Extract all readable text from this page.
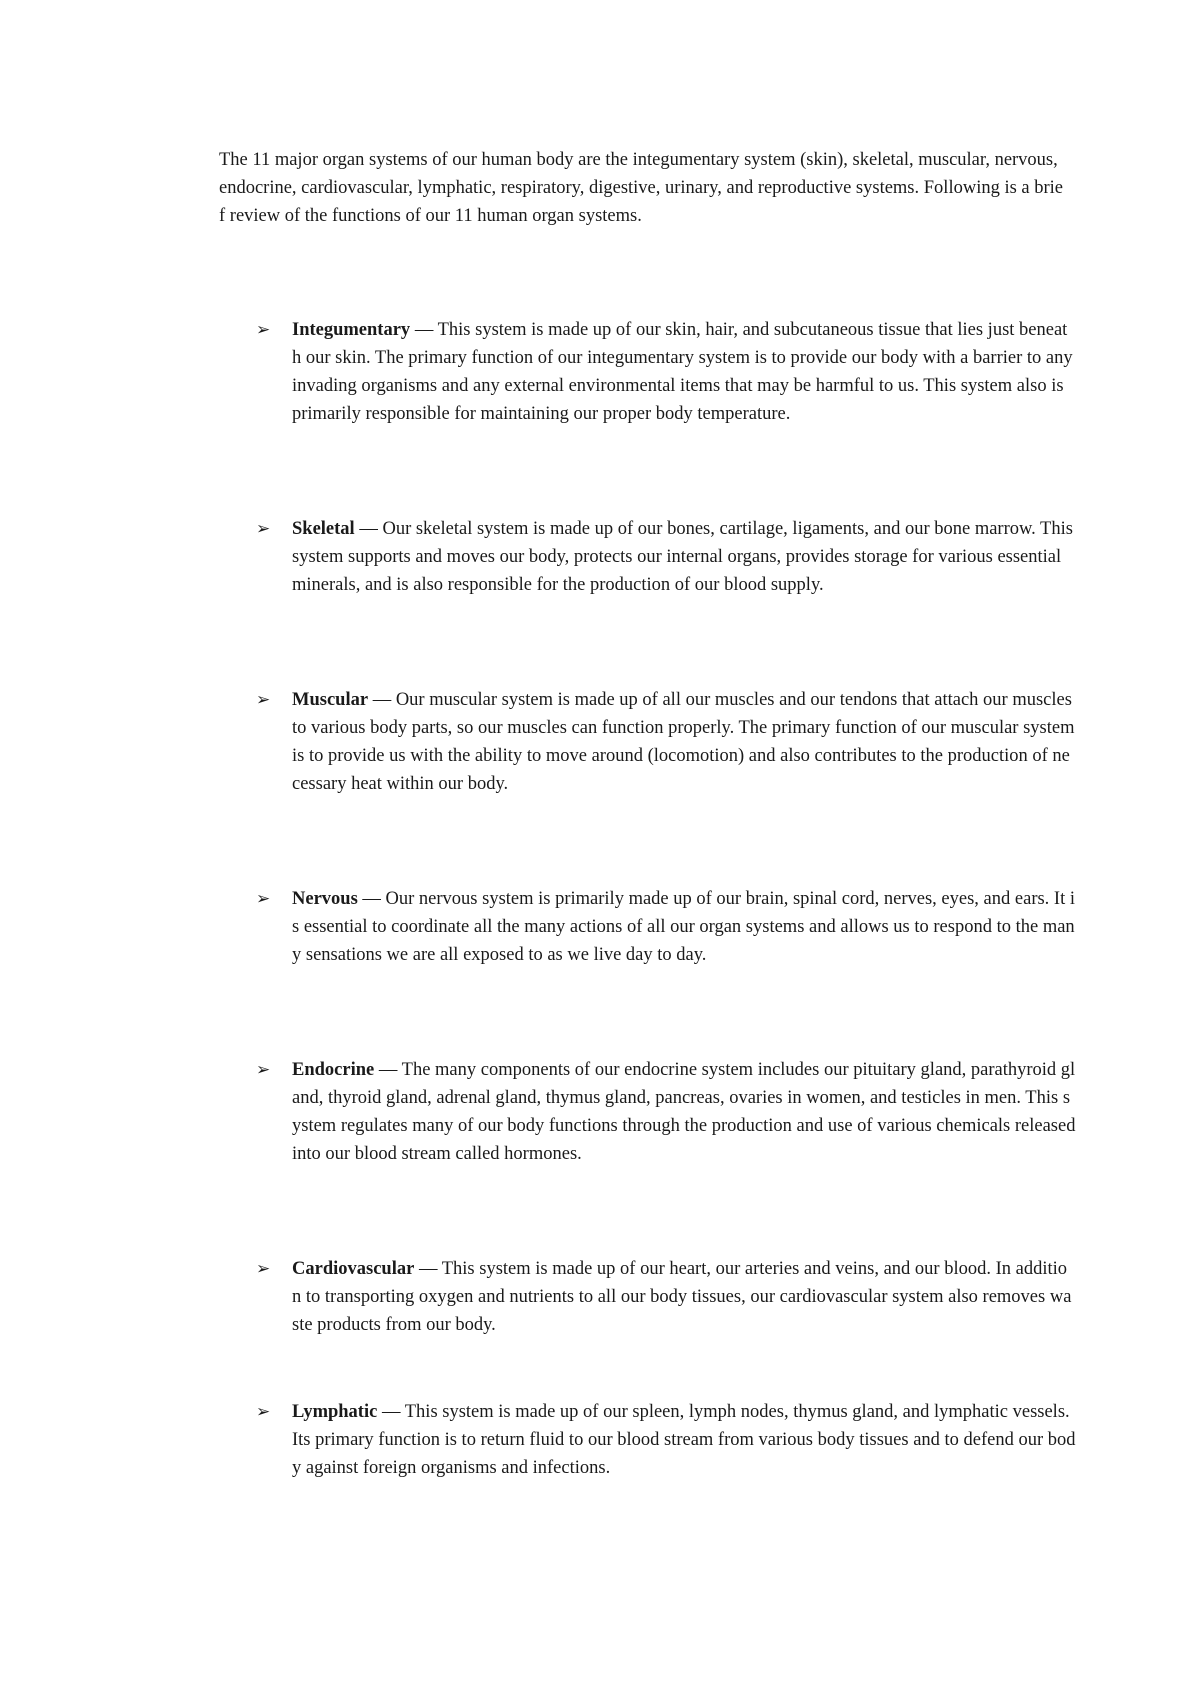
The 11 major organ systems of our human body are the integumentary system (skin), skeletal, muscular, nervous, endocrine, cardiovascular, lymphatic, respiratory, digestive, urinary, and reproductive systems. Following is a brief review of the functions of our 11 human organ systems.

➢	Integumentary — This system is made up of our skin, hair, and subcutaneous tissue that lies just beneath our skin. The primary function of our integumentary system is to provide our body with a barrier to any invading organisms and any external environmental items that may be harmful to us. This system also is primarily responsible for maintaining our proper body temperature.
➢	Skeletal — Our skeletal system is made up of our bones, cartilage, ligaments, and our bone marrow. This system supports and moves our body, protects our internal organs, provides storage for various essential minerals, and is also responsible for the production of our blood supply.
➢	Muscular — Our muscular system is made up of all our muscles and our tendons that attach our muscles to various body parts, so our muscles can function properly. The primary function of our muscular system is to provide us with the ability to move around (locomotion) and also contributes to the production of necessary heat within our body.
➢	Nervous — Our nervous system is primarily made up of our brain, spinal cord, nerves, eyes, and ears. It is essential to coordinate all the many actions of all our organ systems and allows us to respond to the many sensations we are all exposed to as we live day to day.
➢	Endocrine — The many components of our endocrine system includes our pituitary gland, parathyroid gland, thyroid gland, adrenal gland, thymus gland, pancreas, ovaries in women, and testicles in men. This system regulates many of our body functions through the production and use of various chemicals released into our blood stream called hormones.
➢	Cardiovascular — This system is made up of our heart, our arteries and veins, and our blood. In addition to transporting oxygen and nutrients to all our body tissues, our cardiovascular system also removes waste products from our body.
➢	Lymphatic — This system is made up of our spleen, lymph nodes, thymus gland, and lymphatic vessels. Its primary function is to return fluid to our blood stream from various body tissues and to defend our body against foreign organisms and infections.
